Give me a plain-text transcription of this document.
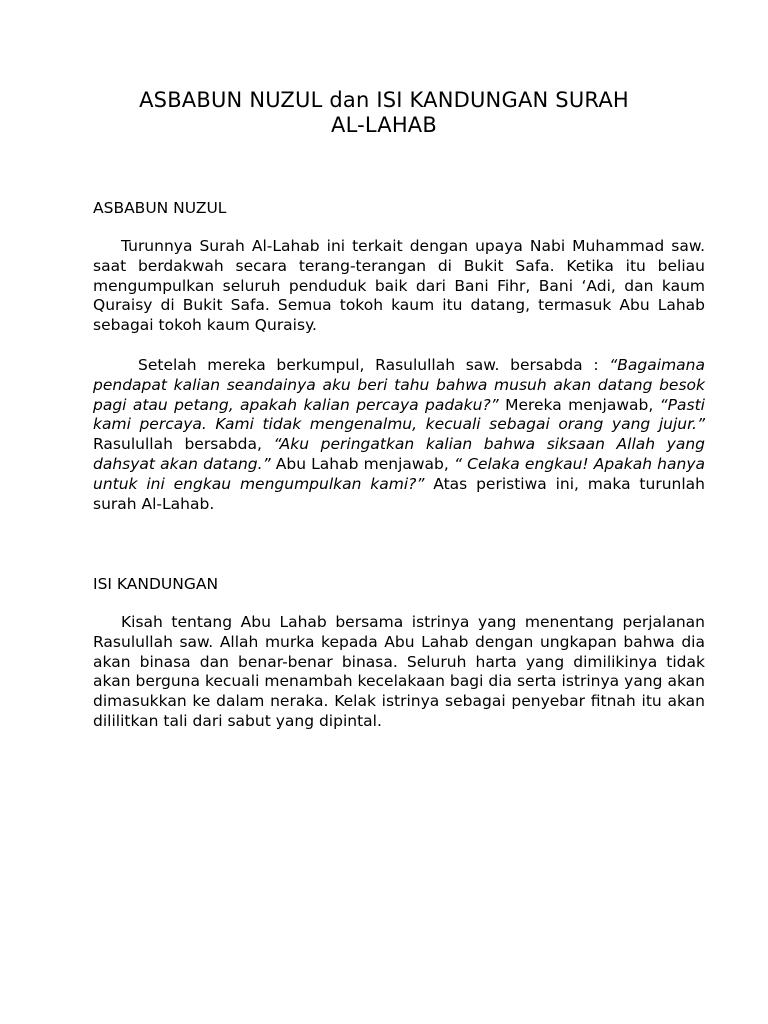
ASBABUN NUZUL dan ISI KANDUNGAN SURAH
AL-LAHAB
ASBABUN NUZUL

Turunnya Surah Al-Lahab ini terkait dengan upaya Nabi Muhammad saw. saat berdakwah secara terang-terangan di Bukit Safa. Ketika itu beliau mengumpulkan seluruh penduduk baik dari Bani Fihr, Bani ‘Adi, dan kaum Quraisy di Bukit Safa. Semua tokoh kaum itu datang, termasuk Abu Lahab sebagai tokoh kaum Quraisy.

Setelah mereka berkumpul, Rasulullah saw. bersabda : “Bagaimana pendapat kalian seandainya aku beri tahu bahwa musuh akan datang besok pagi atau petang, apakah kalian percaya padaku?” Mereka menjawab, “Pasti kami percaya. Kami tidak mengenalmu, kecuali sebagai orang yang jujur.” Rasulullah bersabda, “Aku peringatkan kalian bahwa siksaan Allah yang dahsyat akan datang.” Abu Lahab menjawab, “ Celaka engkau! Apakah hanya untuk ini engkau mengumpulkan kami?” Atas peristiwa ini, maka turunlah surah Al-Lahab.

ISI KANDUNGAN

Kisah tentang Abu Lahab bersama istrinya yang menentang perjalanan Rasulullah saw. Allah murka kepada Abu Lahab dengan ungkapan bahwa dia akan binasa dan benar-benar binasa. Seluruh harta yang dimilikinya tidak akan berguna kecuali menambah kecelakaan bagi dia serta istrinya yang akan dimasukkan ke dalam neraka. Kelak istrinya sebagai penyebar fitnah itu akan dililitkan tali dari sabut yang dipintal.
